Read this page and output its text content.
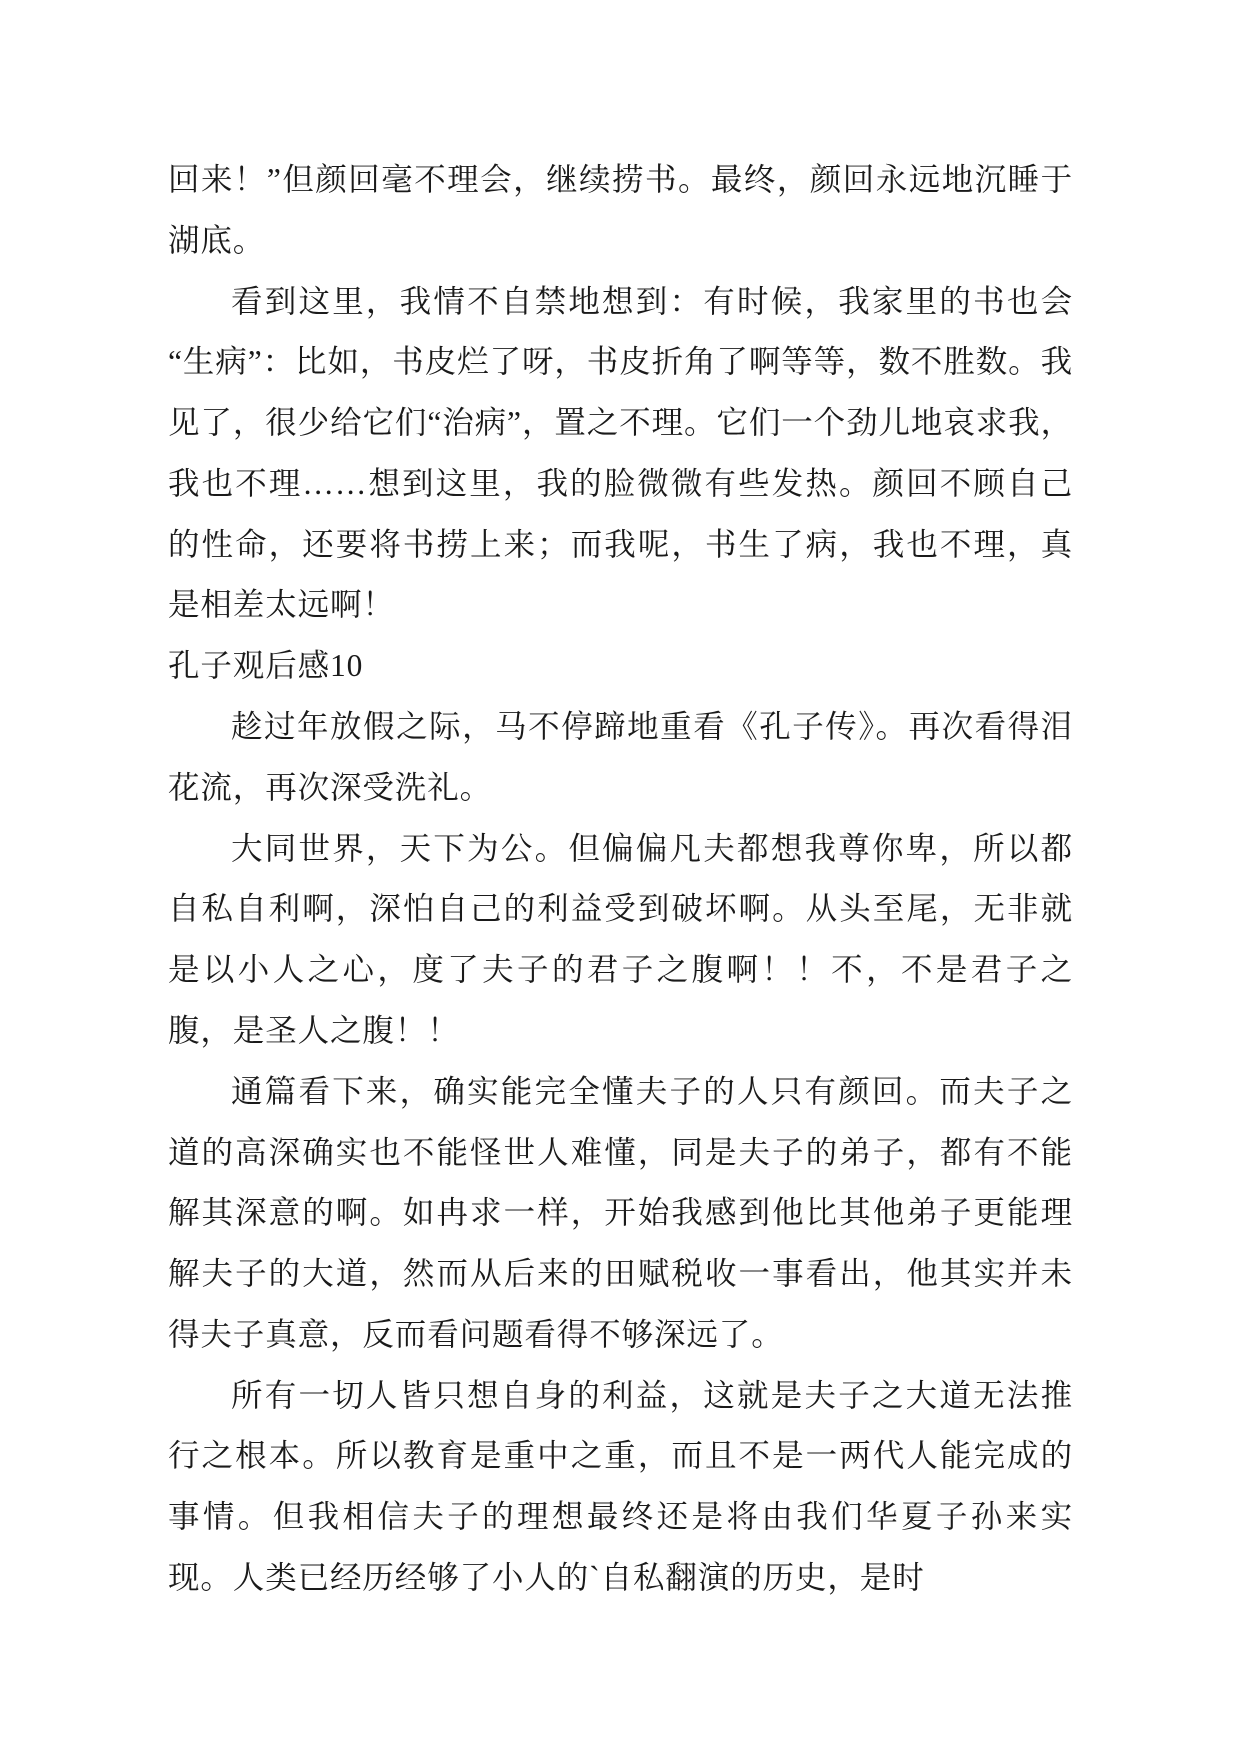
回来！”但颜回毫不理会，继续捞书。最终，颜回永远地沉睡于湖底。

看到这里，我情不自禁地想到：有时候，我家里的书也会“生病”：比如，书皮烂了呀，书皮折角了啊等等，数不胜数。我见了，很少给它们“治病”，置之不理。它们一个劲儿地哀求我，我也不理……想到这里，我的脸微微有些发热。颜回不顾自己的性命，还要将书捞上来；而我呢，书生了病，我也不理，真是相差太远啊！

孔子观后感10

趁过年放假之际，马不停蹄地重看《孔子传》。再次看得泪花流，再次深受洗礼。

大同世界，天下为公。但偏偏凡夫都想我尊你卑，所以都自私自利啊，深怕自己的利益受到破坏啊。从头至尾，无非就是以小人之心，度了夫子的君子之腹啊！！不，不是君子之腹，是圣人之腹！！

通篇看下来，确实能完全懂夫子的人只有颜回。而夫子之道的高深确实也不能怪世人难懂，同是夫子的弟子，都有不能解其深意的啊。如冉求一样，开始我感到他比其他弟子更能理解夫子的大道，然而从后来的田赋税收一事看出，他其实并未得夫子真意，反而看问题看得不够深远了。

所有一切人皆只想自身的利益，这就是夫子之大道无法推行之根本。所以教育是重中之重，而且不是一两代人能完成的事情。但我相信夫子的理想最终还是将由我们华夏子孙来实现。人类已经历经够了小人的`自私翻演的历史，是时
